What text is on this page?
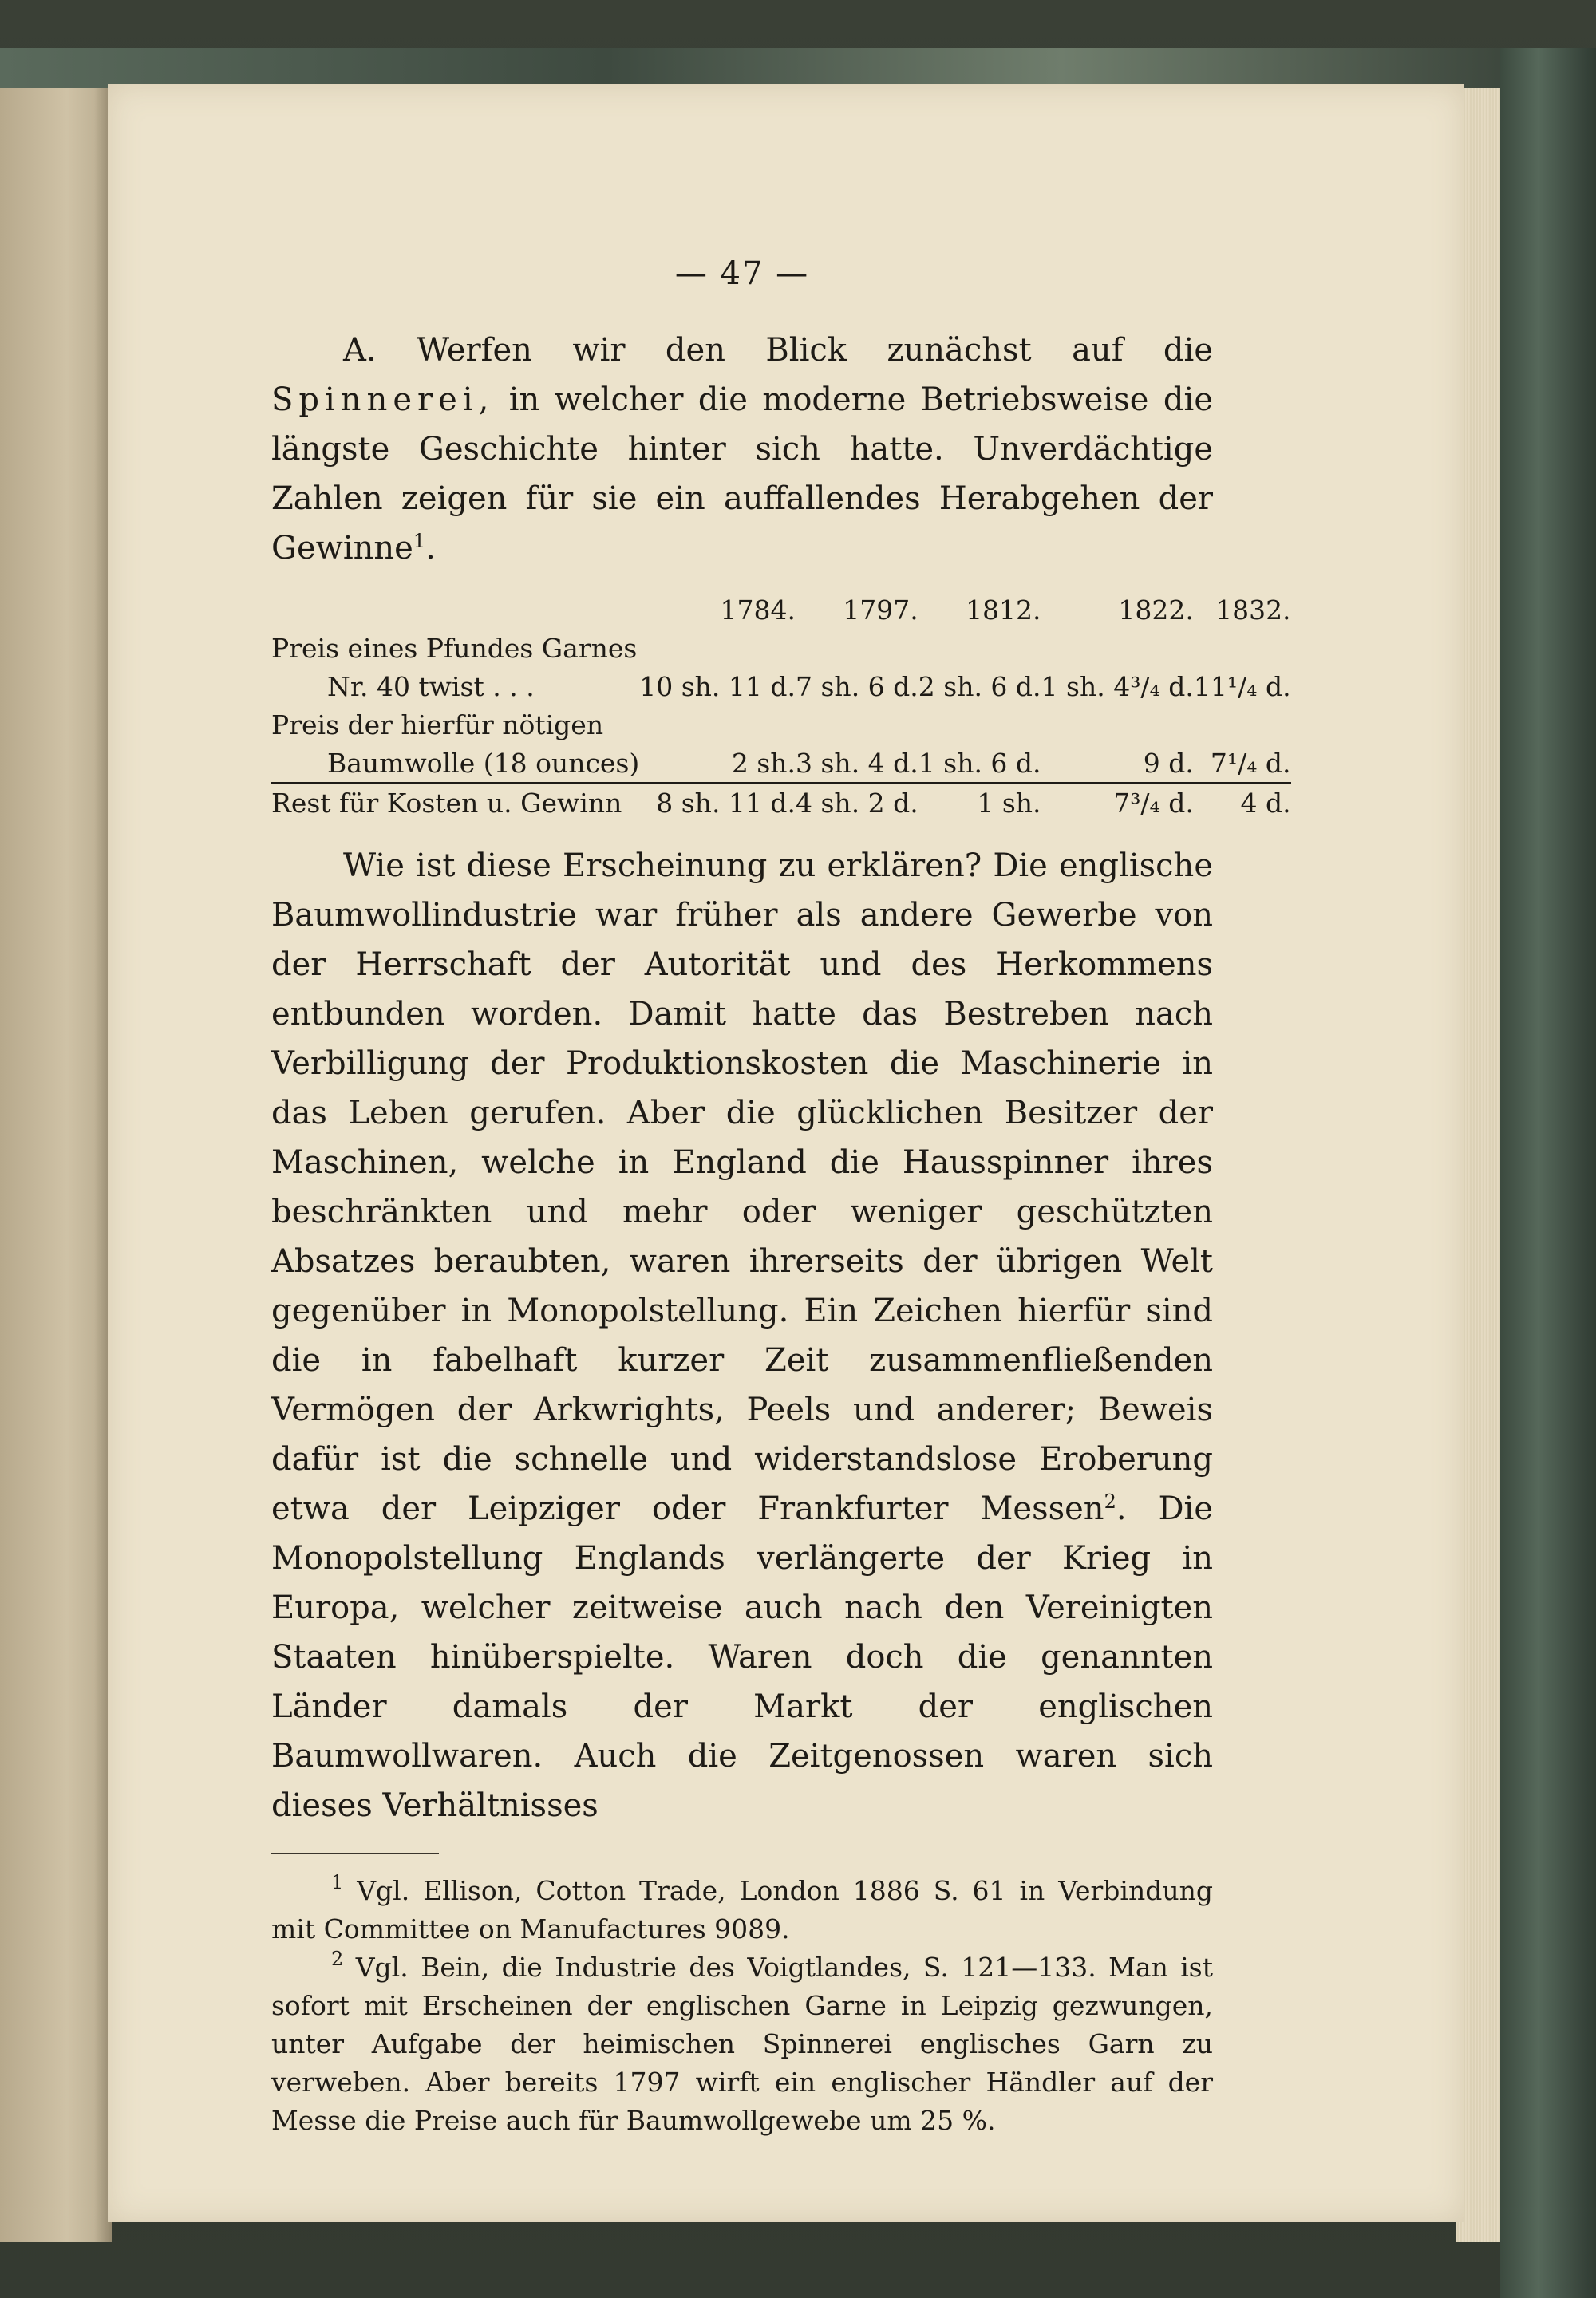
— 47 —

A. Werfen wir den Blick zunächst auf die Spinnerei, in welcher die moderne Betriebsweise die längste Geschichte hinter sich hatte. Unverdächtige Zahlen zeigen für sie ein auffallendes Herabgehen der Gewinne$^1$.

	1784.	1797.	1812.	1822.	1832.
Preis eines Pfundes Garnes					
Nr. 40 twist . . .	10 sh. 11 d.	7 sh. 6 d.	2 sh. 6 d.	1 sh. 4³/₄ d.	11¹/₄ d.
Preis der hierfür nötigen					
Baumwolle (18 ounces)	2 sh.	3 sh. 4 d.	1 sh. 6 d.	9 d.	7¹/₄ d.
Rest für Kosten u. Gewinn	8 sh. 11 d.	4 sh. 2 d.	1 sh.	7³/₄ d.	4 d.

Wie ist diese Erscheinung zu erklären? Die englische Baumwollindustrie war früher als andere Gewerbe von der Herrschaft der Autorität und des Herkommens entbunden worden. Damit hatte das Bestreben nach Verbilligung der Produktionskosten die Maschinerie in das Leben gerufen. Aber die glücklichen Besitzer der Maschinen, welche in England die Hausspinner ihres beschränkten und mehr oder weniger geschützten Absatzes beraubten, waren ihrerseits der übrigen Welt gegenüber in Monopolstellung. Ein Zeichen hierfür sind die in fabelhaft kurzer Zeit zusammenfließenden Vermögen der Arkwrights, Peels und anderer; Beweis dafür ist die schnelle und widerstandslose Eroberung etwa der Leipziger oder Frankfurter Messen$^2$. Die Monopolstellung Englands verlängerte der Krieg in Europa, welcher zeitweise auch nach den Vereinigten Staaten hinüberspielte. Waren doch die genannten Länder damals der Markt der englischen Baumwollwaren. Auch die Zeitgenossen waren sich dieses Verhältnisses

$^1$ Vgl. Ellison, Cotton Trade, London 1886 S. 61 in Verbindung mit Committee on Manufactures 9089.

$^2$ Vgl. Bein, die Industrie des Voigtlandes, S. 121—133. Man ist sofort mit Erscheinen der englischen Garne in Leipzig gezwungen, unter Aufgabe der heimischen Spinnerei englisches Garn zu verweben. Aber bereits 1797 wirft ein englischer Händler auf der Messe die Preise auch für Baumwollgewebe um 25 %.
